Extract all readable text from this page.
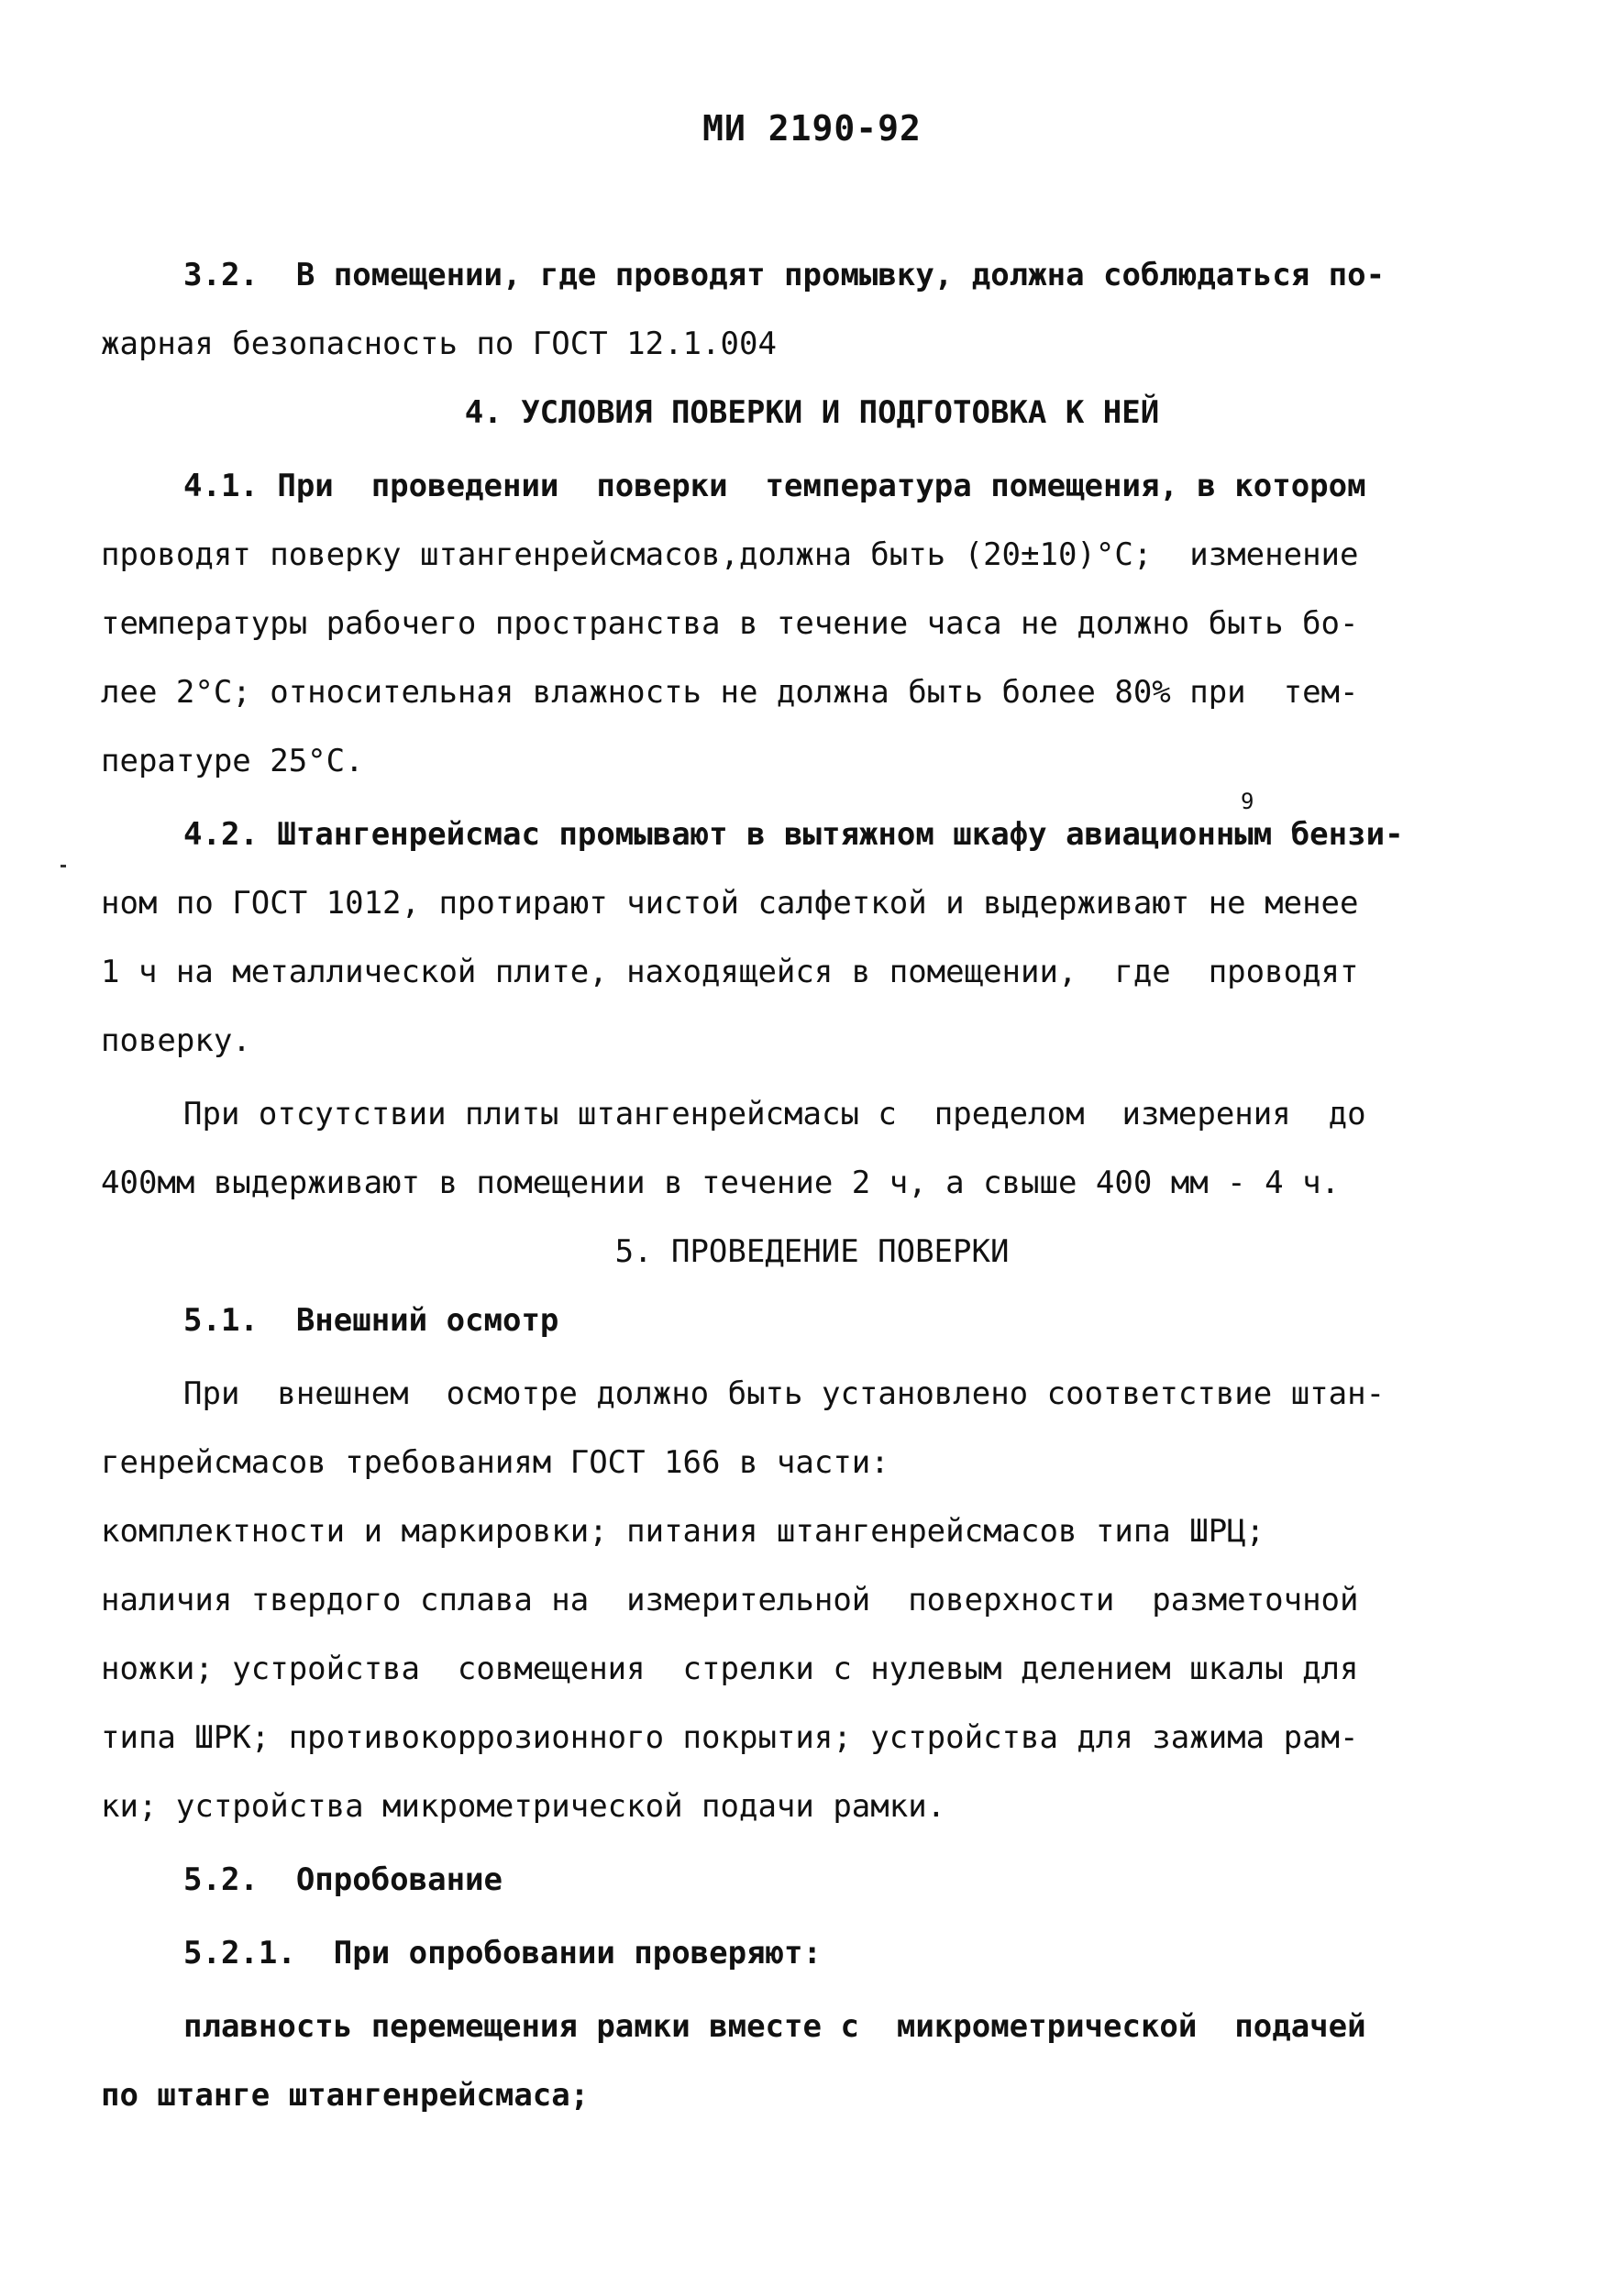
МИ 2190-92
3.2.  В помещении, где проводят промывку, должна соблюдаться по-
жарная безопасность по ГОСТ 12.1.004
4. УСЛОВИЯ ПОВЕРКИ И ПОДГОТОВКА К НЕЙ
4.1. При  проведении  поверки  температура помещения, в котором
проводят поверку штангенрейсмасов,должна быть (20±10)°С;  изменение
температуры рабочего пространства в течение часа не должно быть бо-
лее 2°С; относительная влажность не должна быть более 80% при  тем-
пературе 25°С.
4.2. Штангенрейсмас промывают в вытяжном шкафу авиационным бензи-
ном по ГОСТ 1012, протирают чистой салфеткой и выдерживают не менее
1 ч на металлической плите, находящейся в помещении,  где  проводят
поверку.
При отсутствии плиты штангенрейсмасы с  пределом  измерения  до
400мм выдерживают в помещении в течение 2 ч, а свыше 400 мм - 4 ч.
5. ПРОВЕДЕНИЕ ПОВЕРКИ
5.1.  Внешний осмотр
При  внешнем  осмотре должно быть установлено соответствие штан-
генрейсмасов требованиям ГОСТ 166 в части:
комплектности и маркировки; питания штангенрейсмасов типа ШРЦ;
наличия твердого сплава на  измерительной  поверхности  разметочной
ножки; устройства  совмещения  стрелки с нулевым делением шкалы для
типа ШРК; противокоррозионного покрытия; устройства для зажима рам-
ки; устройства микрометрической подачи рамки.
5.2.  Опробование
5.2.1.  При опробовании проверяют:
плавность перемещения рамки вместе с  микрометрической  подачей
по штанге штангенрейсмаса;
9
